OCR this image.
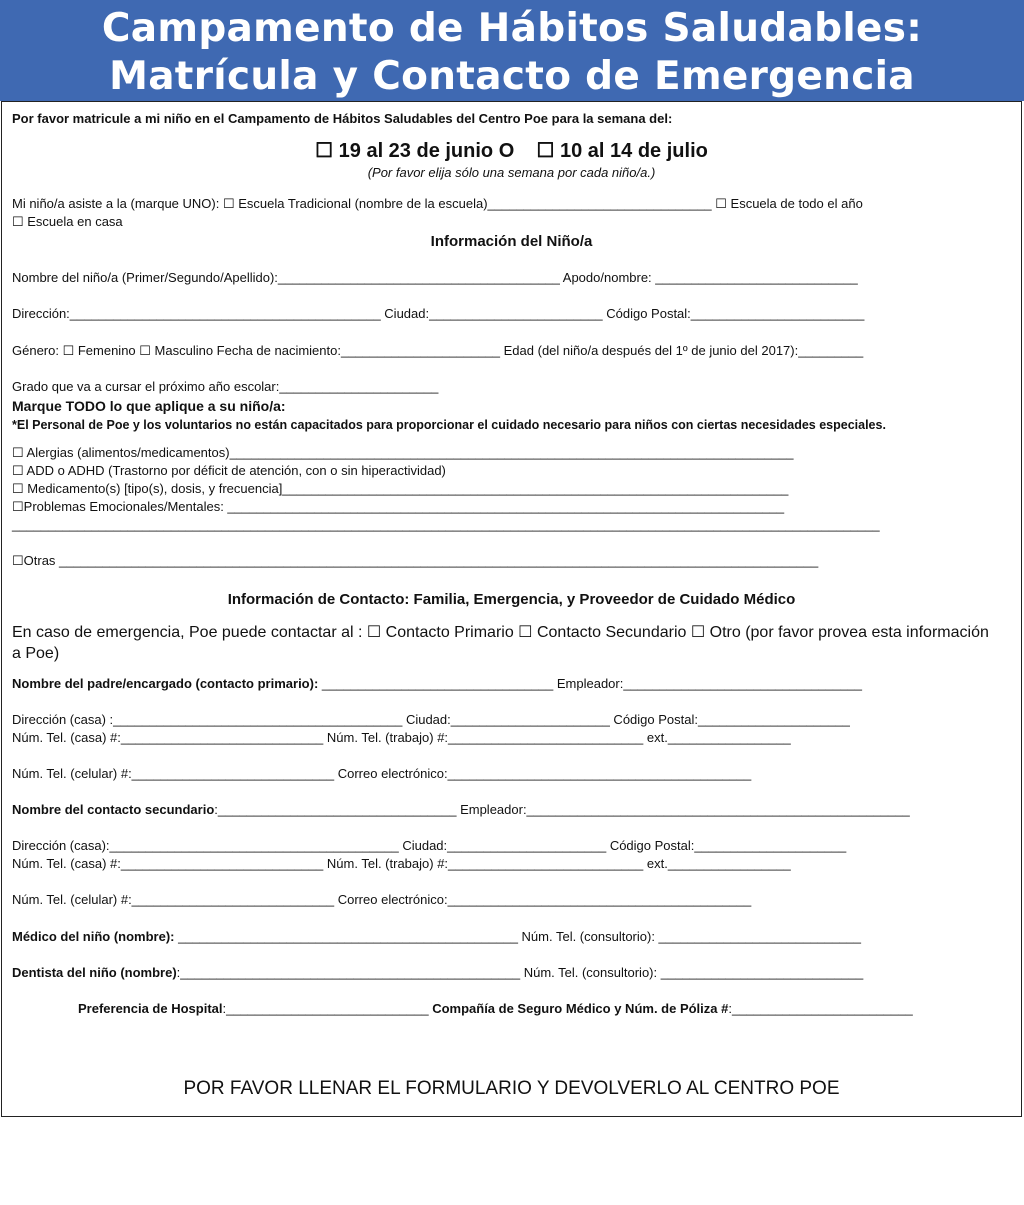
Campamento de Hábitos Saludables:
Matrícula y Contacto de Emergencia
Por favor matricule a mi niño en el Campamento de Hábitos Saludables del Centro Poe para la semana del:
☐ 19 al 23 de junio O ☐ 10 al 14 de julio
(Por favor elija sólo una semana por cada niño/a.)
Mi niño/a asiste a la (marque UNO): ☐ Escuela Tradicional (nombre de la escuela)_______________________________ ☐ Escuela de todo el año
☐ Escuela en casa
Información del Niño/a
Nombre del niño/a (Primer/Segundo/Apellido):_______________________________________ Apodo/nombre: ____________________________
Dirección:___________________________________________ Ciudad:________________________ Código Postal:________________________
Género: ☐ Femenino ☐ Masculino Fecha de nacimiento:______________________ Edad (del niño/a después del 1º de junio del 2017):_________
Grado que va a cursar el próximo año escolar:______________________
Marque TODO lo que aplique a su niño/a:
*El Personal de Poe y los voluntarios no están capacitados para proporcionar el cuidado necesario para niños con ciertas necesidades especiales.
☐ Alergias (alimentos/medicamentos)______________________________________________________________________________
☐ ADD o ADHD (Trastorno por déficit de atención, con o sin hiperactividad)
☐ Medicamento(s) [tipo(s), dosis, y frecuencia]______________________________________________________________________
☐Problemas Emocionales/Mentales: _____________________________________________________________________________
________________________________________________________________________________________________________________________
☐Otras _________________________________________________________________________________________________________
Información de Contacto: Familia, Emergencia, y Proveedor de Cuidado Médico
En caso de emergencia, Poe puede contactar al : ☐ Contacto Primario ☐ Contacto Secundario ☐ Otro (por favor provea esta información a Poe)
Nombre del padre/encargado (contacto primario): ________________________________ Empleador:_________________________________
Dirección (casa) :________________________________________ Ciudad:______________________ Código Postal:_____________________
Núm. Tel. (casa) #:____________________________ Núm. Tel. (trabajo) #:___________________________ ext._________________
Núm. Tel. (celular) #:____________________________ Correo electrónico:__________________________________________
Nombre del contacto secundario:_________________________________ Empleador:_____________________________________________________
Dirección (casa):________________________________________ Ciudad:______________________ Código Postal:_____________________
Núm. Tel. (casa) #:____________________________ Núm. Tel. (trabajo) #:___________________________ ext._________________
Núm. Tel. (celular) #:____________________________ Correo electrónico:__________________________________________
Médico del niño (nombre): _______________________________________________ Núm. Tel. (consultorio): ____________________________
Dentista del niño (nombre):_______________________________________________ Núm. Tel. (consultorio): ____________________________
Preferencia de Hospital:____________________________ Compañía de Seguro Médico y Núm. de Póliza #:_________________________
POR FAVOR LLENAR EL FORMULARIO Y DEVOLVERLO AL CENTRO POE
